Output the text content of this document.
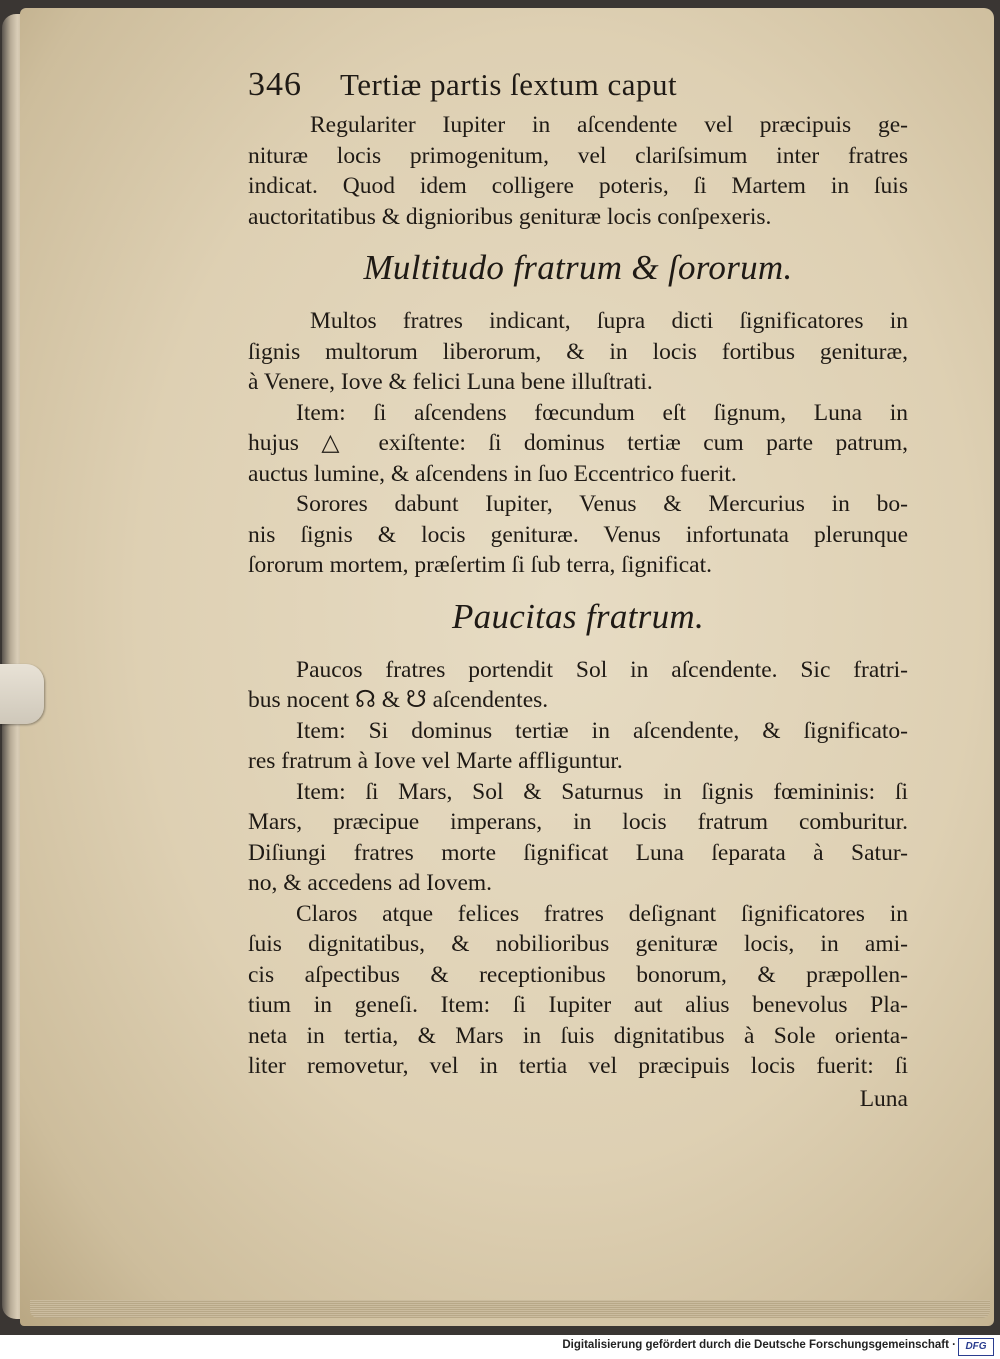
346	Tertiæ partis ſextum caput
Regulariter Iupiter in aſcendente vel præcipuis ge-
nituræ locis primogenitum, vel clariſsimum inter fratres
indicat. Quod idem colligere poteris, ſi Martem in ſuis
auctoritatibus & dignioribus genituræ locis conſpexeris.
Multitudo fratrum & ſororum.
Multos fratres indicant, ſupra dicti ſignificatores in
ſignis multorum liberorum, & in locis fortibus genituræ,
à Venere, Iove & felici Luna bene illuſtrati.
Item: ſi aſcendens fœcundum eſt ſignum, Luna in
hujus △ exiſtente: ſi dominus tertiæ cum parte patrum,
auctus lumine, & aſcendens in ſuo Eccentrico fuerit.
Sorores dabunt Iupiter, Venus & Mercurius in bo-
nis ſignis & locis genituræ. Venus infortunata plerunque
ſororum mortem, præſertim ſi ſub terra, ſignificat.
Paucitas fratrum.
Paucos fratres portendit Sol in aſcendente. Sic fratri-
bus nocent ☊ & ☋ aſcendentes.
Item: Si dominus tertiæ in aſcendente, & ſignificato-
res fratrum à Iove vel Marte affliguntur.
Item: ſi Mars, Sol & Saturnus in ſignis fœmininis: ſi
Mars, præcipue imperans, in locis fratrum comburitur.
Diſiungi fratres morte ſignificat Luna ſeparata à Satur-
no, & accedens ad Iovem.
Claros atque felices fratres deſignant ſignificatores in
ſuis dignitatibus, & nobilioribus genituræ locis, in ami-
cis aſpectibus & receptionibus bonorum, & præpollen-
tium in geneſi. Item: ſi Iupiter aut alius benevolus Pla-
neta in tertia, & Mars in ſuis dignitatibus à Sole orienta-
liter removetur, vel in tertia vel præcipuis locis fuerit: ſi
Luna
Digitalisierung gefördert durch die Deutsche Forschungsgemeinschaft · DFG
